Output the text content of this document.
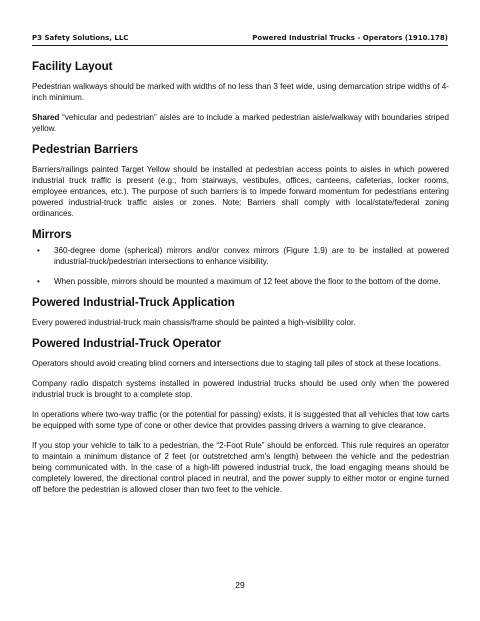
P3 Safety Solutions, LLC	Powered Industrial Trucks - Operators (1910.178)
Facility Layout

Pedestrian walkways should be marked with widths of no less than 3 feet wide, using demarcation stripe widths of 4-inch minimum.

Shared “vehicular and pedestrian” aisles are to include a marked pedestrian aisle/walkway with boundaries striped yellow.

Pedestrian Barriers

Barriers/railings painted Target Yellow should be installed at pedestrian access points to aisles in which powered industrial truck traffic is present (e.g., from stairways, vestibules, offices, canteens, cafeterias, locker rooms, employee entrances, etc.). The purpose of such barriers is to impede forward momentum for pedestrians entering powered industrial-truck traffic aisles or zones. Note: Barriers shall comply with local/state/federal zoning ordinances.

Mirrors
• 360-degree dome (spherical) mirrors and/or convex mirrors (Figure 1.9) are to be installed at powered industrial-truck/pedestrian intersections to enhance visibility.
• When possible, mirrors should be mounted a maximum of 12 feet above the floor to the bottom of the dome.
Powered Industrial-Truck Application

Every powered industrial-truck main chassis/frame should be painted a high-visibility color.

Powered Industrial-Truck Operator

Operators should avoid creating blind corners and intersections due to staging tall piles of stock at these locations.

Company radio dispatch systems installed in powered industrial trucks should be used only when the powered industrial truck is brought to a complete stop.

In operations where two-way traffic (or the potential for passing) exists, it is suggested that all vehicles that tow carts be equipped with some type of cone or other device that provides passing drivers a warning to give clearance.

If you stop your vehicle to talk to a pedestrian, the “2-Foot Rule” should be enforced. This rule requires an operator to maintain a minimum distance of 2 feet (or outstretched arm’s length) between the vehicle and the pedestrian being communicated with. In the case of a high-lift powered industrial truck, the load engaging means should be completely lowered, the directional control placed in neutral, and the power supply to either motor or engine turned off before the pedestrian is allowed closer than two feet to the vehicle.

29
